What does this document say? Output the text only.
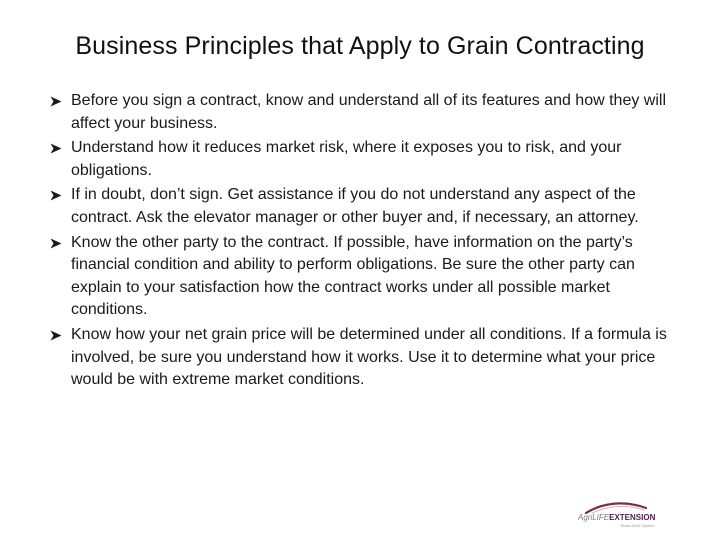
Business Principles that Apply to Grain Contracting
Before you sign a contract, know and understand all of its features and how they will affect your business.
Understand how it reduces market risk, where it exposes you to risk, and your obligations.
If in doubt, don’t sign. Get assistance if you do not understand any aspect of the contract. Ask the elevator manager or other buyer and, if necessary, an attorney.
Know the other party to the contract. If possible, have information on the party’s financial condition and ability to perform obligations. Be sure the other party can explain to your satisfaction how the contract works under all possible market conditions.
Know how your net grain price will be determined under all conditions. If a formula is involved, be sure you understand how it works. Use it to determine what your price would be with extreme market conditions.
AgriLIFEEXTENSION
Texas A&M System
